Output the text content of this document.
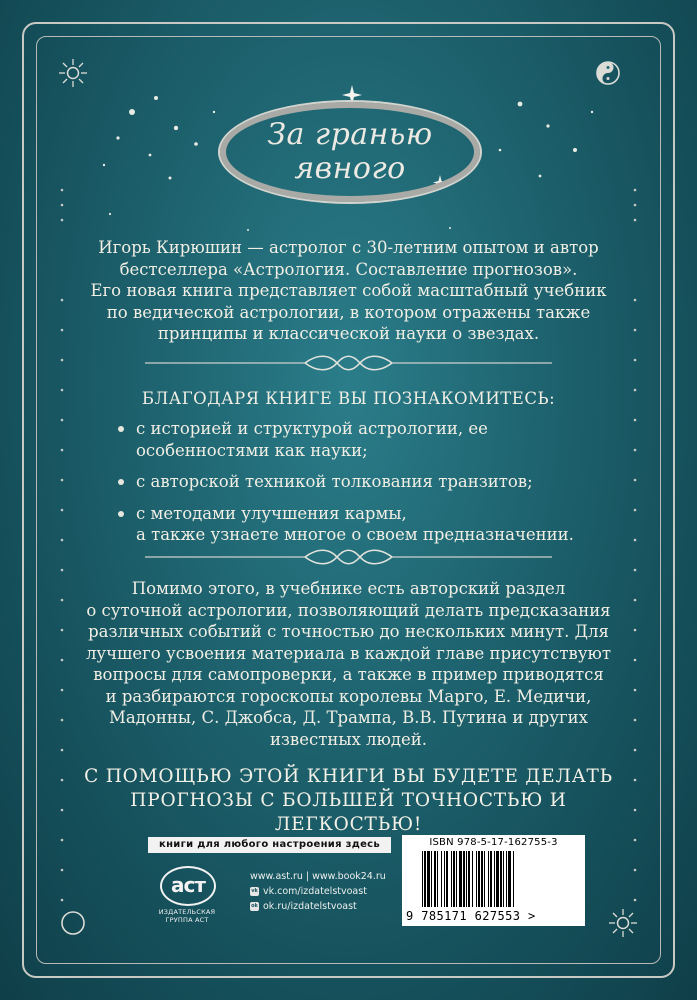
За гранью
явного
Игорь Кирюшин — астролог с 30-летним опытом и автор
бестселлера «Астрология. Составление прогнозов».
Его новая книга представляет собой масштабный учебник
по ведической астрологии, в котором отражены также
принципы и классической науки о звездах.
БЛАГОДАРЯ КНИГЕ ВЫ ПОЗНАКОМИТЕСЬ:
с историей и структурой астрологии, ее
особенностями как науки;
с авторской техникой толкования транзитов;
с методами улучшения кармы,
а также узнаете многое о своем предназначении.
Помимо этого, в учебнике есть авторский раздел
о суточной астрологии, позволяющий делать предсказания
различных событий с точностью до нескольких минут. Для
лучшего усвоения материала в каждой главе присутствуют
вопросы для самопроверки, а также в пример приводятся
и разбираются гороскопы королевы Марго, Е. Медичи,
Мадонны, С. Джобса, Д. Трампа, В.В. Путина и других
известных людей.
С ПОМОЩЬЮ ЭТОЙ КНИГИ ВЫ БУДЕТЕ ДЕЛАТЬ
ПРОГНОЗЫ С БОЛЬШЕЙ ТОЧНОСТЬЮ И ЛЕГКОСТЬЮ!
книги для любого настроения здесь
аст
ИЗДАТЕЛЬСКАЯ ГРУППА АСТ
www.ast.ru | www.book24.ru
vk vk.com/izdatelstvoast
ok ok.ru/izdatelstvoast
ISBN 978-5-17-162755-3
9 785171 627553 >
